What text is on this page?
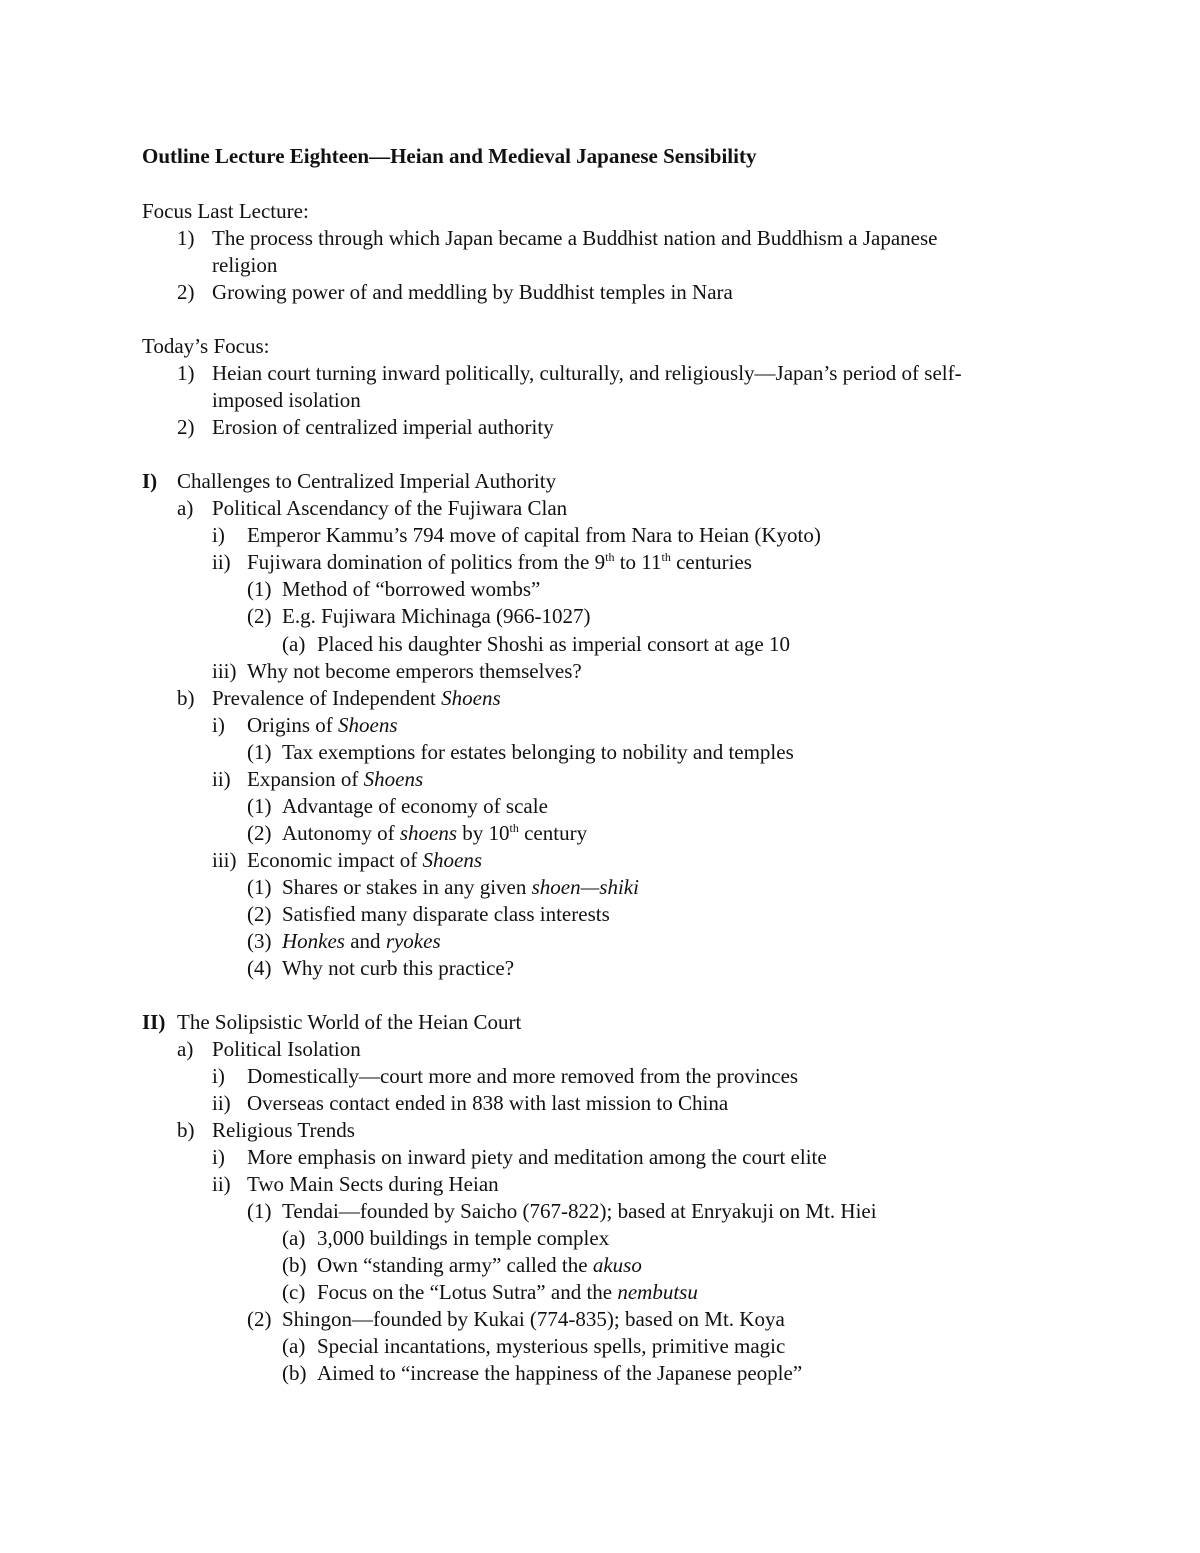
Outline Lecture Eighteen—Heian and Medieval Japanese Sensibility
Focus Last Lecture:
1) The process through which Japan became a Buddhist nation and Buddhism a Japanese
religion
2) Growing power of and meddling by Buddhist temples in Nara
Today’s Focus:
1) Heian court turning inward politically, culturally, and religiously—Japan’s period of self-
imposed isolation
2) Erosion of centralized imperial authority
I) Challenges to Centralized Imperial Authority
a) Political Ascendancy of the Fujiwara Clan
i) Emperor Kammu’s 794 move of capital from Nara to Heian (Kyoto)
ii) Fujiwara domination of politics from the 9th to 11th centuries
(1) Method of “borrowed wombs”
(2) E.g. Fujiwara Michinaga (966-1027)
(a) Placed his daughter Shoshi as imperial consort at age 10
iii) Why not become emperors themselves?
b) Prevalence of Independent Shoens
i) Origins of Shoens
(1) Tax exemptions for estates belonging to nobility and temples
ii) Expansion of Shoens
(1) Advantage of economy of scale
(2) Autonomy of shoens by 10th century
iii) Economic impact of Shoens
(1) Shares or stakes in any given shoen—shiki
(2) Satisfied many disparate class interests
(3) Honkes and ryokes
(4) Why not curb this practice?
II) The Solipsistic World of the Heian Court
a) Political Isolation
i) Domestically—court more and more removed from the provinces
ii) Overseas contact ended in 838 with last mission to China
b) Religious Trends
i) More emphasis on inward piety and meditation among the court elite
ii) Two Main Sects during Heian
(1) Tendai—founded by Saicho (767-822); based at Enryakuji on Mt. Hiei
(a) 3,000 buildings in temple complex
(b) Own “standing army” called the akuso
(c) Focus on the “Lotus Sutra” and the nembutsu
(2) Shingon—founded by Kukai (774-835); based on Mt. Koya
(a) Special incantations, mysterious spells, primitive magic
(b) Aimed to “increase the happiness of the Japanese people”
